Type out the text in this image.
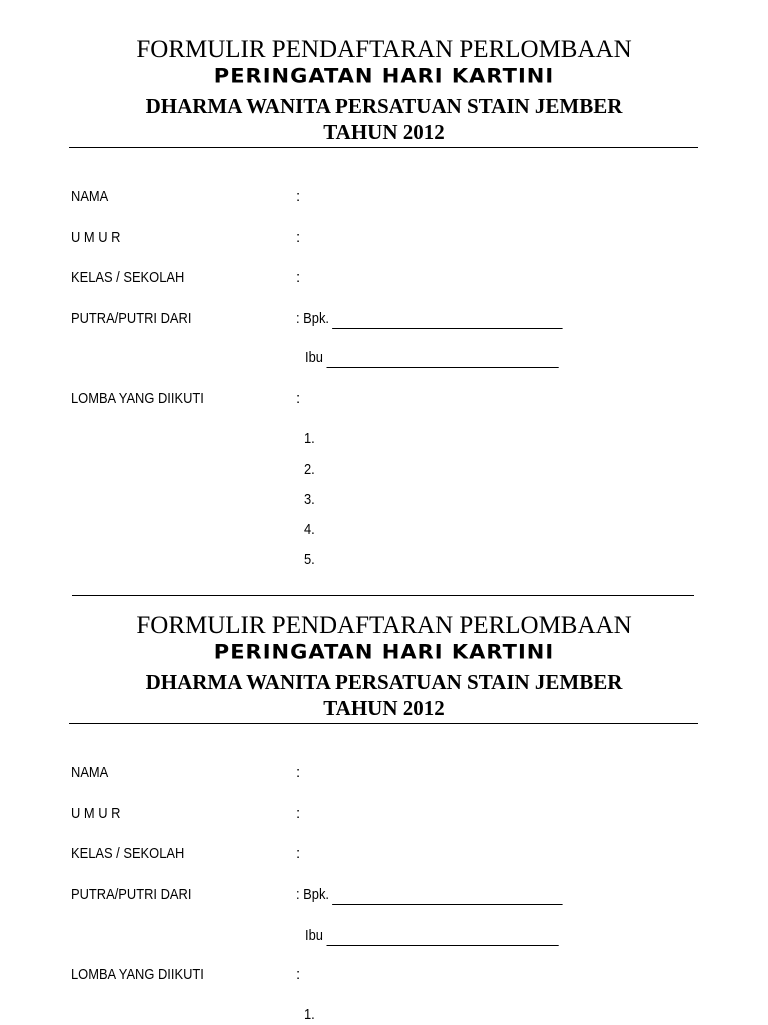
FORMULIR PENDAFTARAN PERLOMBAAN
PERINGATAN HARI KARTINI
DHARMA WANITA PERSATUAN STAIN JEMBER
TAHUN 2012
NAMA	:
U M U R	:
KELAS / SEKOLAH	:
PUTRA/PUTRI DARI	: Bpk.
Ibu
LOMBA YANG DIIKUTI	:
1.
2.
3.
4.
5.
FORMULIR PENDAFTARAN PERLOMBAAN
PERINGATAN HARI KARTINI
DHARMA WANITA PERSATUAN STAIN JEMBER
TAHUN 2012
NAMA	:
U M U R	:
KELAS / SEKOLAH	:
PUTRA/PUTRI DARI	: Bpk.
Ibu
LOMBA YANG DIIKUTI	:
1.
